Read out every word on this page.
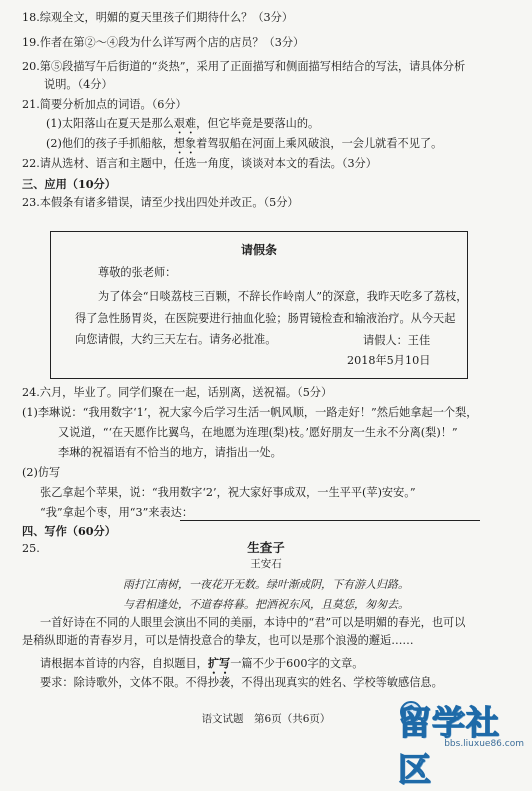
18.综观全文，明媚的夏天里孩子们期待什么？（3分）
19.作者在第②～④段为什么详写两个店的店员？（3分）
20.第⑤段描写午后街道的“炎热”，采用了正面描写和侧面描写相结合的写法，请具体分析
说明。（4分）
21.简要分析加点的词语。（6分）
(1)太阳落山在夏天是那么艰难，但它毕竟是要落山的。
(2)他们的孩子手抓船舷，想象着驾驭船在河面上乘风破浪，一会儿就看不见了。
22.请从选材、语言和主题中，任选一角度，谈谈对本文的看法。（3分）
三、应用（10分）
23.本假条有诸多错误，请至少找出四处并改正。（5分）
请假条
尊敬的张老师：
为了体会“日啖荔枝三百颗，不辞长作岭南人”的深意，我昨天吃多了荔枝，
得了急性肠胃炎，在医院要进行抽血化验；肠胃镜检查和输液治疗。从今天起
向您请假，大约三天左右。请务必批准。	请假人：王佳
2018年5月10日
24.六月，毕业了。同学们聚在一起，话别离，送祝福。（5分）
(1)李琳说：“我用数字‘1’，祝大家今后学习生活一帆风顺，一路走好！”然后她拿起一个梨，
又说道，“‘在天愿作比翼鸟，在地愿为连理(梨)枝。’愿好朋友一生永不分离(梨)！”
李琳的祝福语有不恰当的地方，请指出一处。
(2)仿写
张乙拿起个苹果，说：“我用数字‘2’，祝大家好事成双，一生平平(苹)安安。”
“我”拿起个枣，用“3”来表达：
四、写作（60分）
25.	生查子
王安石
雨打江南树，一夜花开无数。绿叶渐成阴，下有游人归路。
与君相逢处，不道春将暮。把酒祝东风，且莫恁，匆匆去。
一首好诗在不同的人眼里会演出不同的美丽，本诗中的“君”可以是明媚的春光，也可以
是稍纵即逝的青春岁月，可以是情投意合的挚友，也可以是那个浪漫的邂逅……
请根据本首诗的内容，自拟题目，扩写一篇不少于600字的文章。
要求：除诗歌外，文体不限。不得抄袭，不得出现真实的姓名、学校等敏感信息。
语文试题　第6页（共6页）	留学社区
bbs.liuxue86.com
